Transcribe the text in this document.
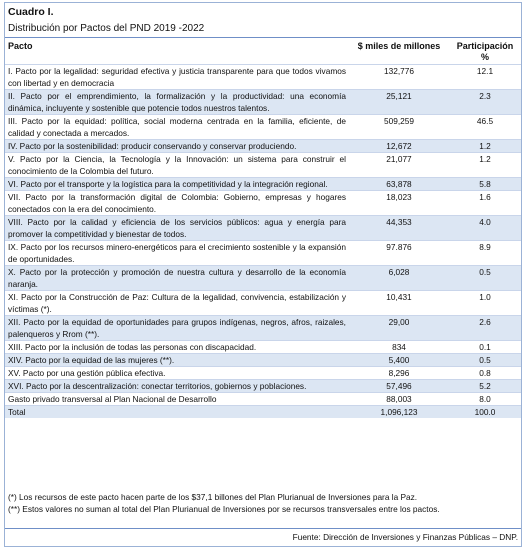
Cuadro I.
Distribución por Pactos del PND 2019 -2022
Pacto	$ miles de millones	Participación
%
I. Pacto por la legalidad: seguridad efectiva y justicia transparente para que todos vivamos con libertad y en democracia	132,776	12.1
II. Pacto por el emprendimiento, la formalización y la productividad: una economía dinámica, incluyente y sostenible que potencie todos nuestros talentos.	25,121	2.3
III. Pacto por la equidad: política, social moderna centrada en la familia, eficiente, de calidad y conectada a mercados.	509,259	46.5
IV. Pacto por la sostenibilidad: producir conservando y conservar produciendo.	12,672	1.2
V. Pacto por la Ciencia, la Tecnología y la Innovación: un sistema para construir el conocimiento de la Colombia del futuro.	21,077	1.2
VI. Pacto por el transporte y la logística para la competitividad y la integración regional.	63,878	5.8
VII. Pacto por la transformación digital de Colombia: Gobierno, empresas y hogares conectados con la era del conocimiento.	18,023	1.6
VIII. Pacto por la calidad y eficiencia de los servicios públicos: agua y energía para promover la competitividad y bienestar de todos.	44,353	4.0
IX. Pacto por los recursos minero-energéticos para el crecimiento sostenible y la expansión de oportunidades.	97.876	8.9
X. Pacto por la protección y promoción de nuestra cultura y desarrollo de la economía naranja.	6,028	0.5
XI. Pacto por la Construcción de Paz: Cultura de la legalidad, convivencia, estabilización y víctimas (*).	10,431	1.0
XII. Pacto por la equidad de oportunidades para grupos indígenas, negros, afros, raizales, palenqueros y Rrom (**).	29,00	2.6
XIII. Pacto por la inclusión de todas las personas con discapacidad.	834	0.1
XIV. Pacto por la equidad de las mujeres (**).	5,400	0.5
XV. Pacto por una gestión pública efectiva.	8,296	0.8
XVI. Pacto por la descentralización: conectar territorios, gobiernos y poblaciones.	57,496	5.2
Gasto privado transversal al Plan Nacional de Desarrollo	88,003	8.0
Total	1,096,123	100.0
(*) Los recursos de este pacto hacen parte de los $37,1 billones del Plan Plurianual de Inversiones para la Paz.
(**) Estos valores no suman al total del Plan Plurianual de Inversiones por se recursos transversales entre los pactos.
Fuente: Dirección de Inversiones y Finanzas Públicas – DNP.
